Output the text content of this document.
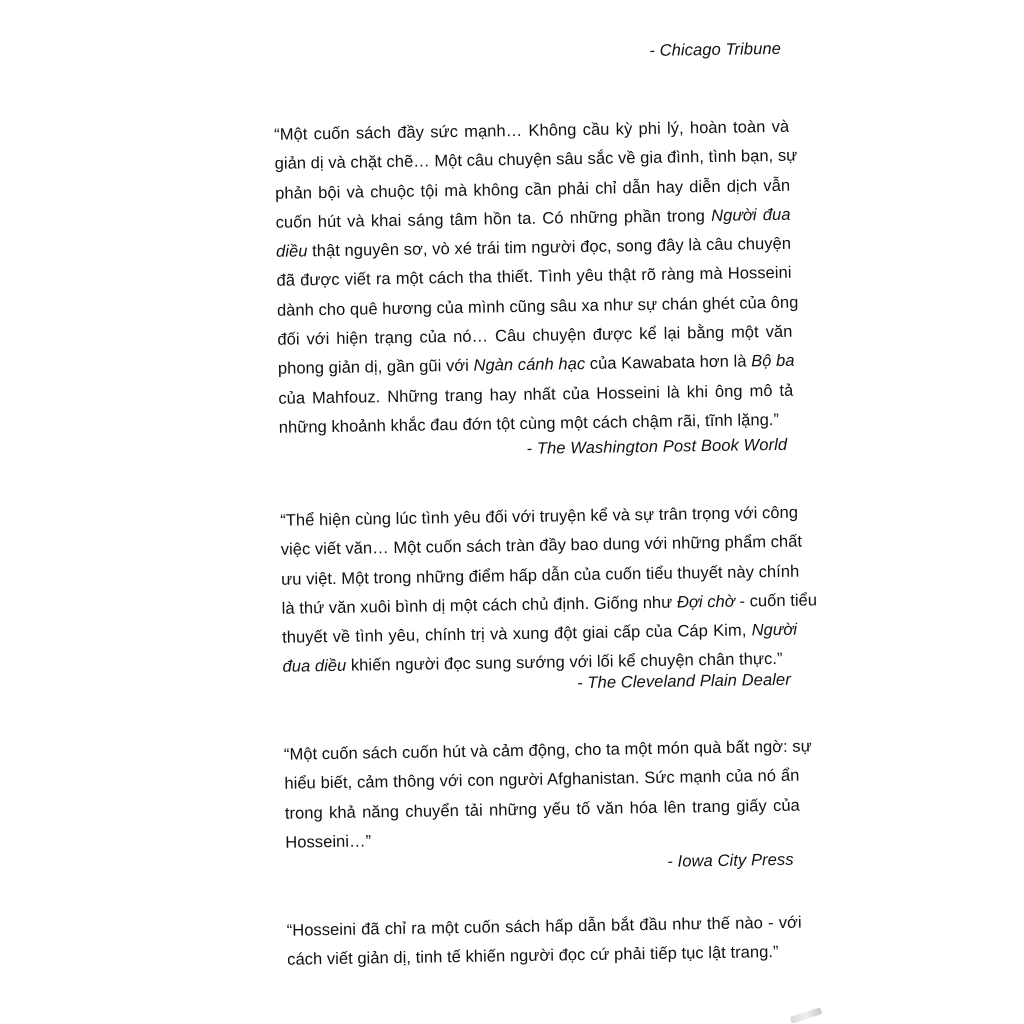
- Chicago Tribune
“Một cuốn sách đầy sức mạnh… Không cầu kỳ phi lý, hoàn toàn và
giản dị và chặt chẽ… Một câu chuyện sâu sắc về gia đình, tình bạn, sự
phản bội và chuộc tội mà không cần phải chỉ dẫn hay diễn dịch vẫn
cuốn hút và khai sáng tâm hồn ta. Có những phần trong Người đua
diều thật nguyên sơ, vò xé trái tim người đọc, song đây là câu chuyện
đã được viết ra một cách tha thiết. Tình yêu thật rõ ràng mà Hosseini
dành cho quê hương của mình cũng sâu xa như sự chán ghét của ông
đối với hiện trạng của nó… Câu chuyện được kể lại bằng một văn
phong giản dị, gần gũi với Ngàn cánh hạc của Kawabata hơn là Bộ ba
của Mahfouz. Những trang hay nhất của Hosseini là khi ông mô tả
những khoảnh khắc đau đớn tột cùng một cách chậm rãi, tĩnh lặng.”
- The Washington Post Book World
“Thể hiện cùng lúc tình yêu đối với truyện kể và sự trân trọng với công
việc viết văn… Một cuốn sách tràn đầy bao dung với những phẩm chất
ưu việt. Một trong những điểm hấp dẫn của cuốn tiểu thuyết này chính
là thứ văn xuôi bình dị một cách chủ định. Giống như Đợi chờ - cuốn tiểu
thuyết về tình yêu, chính trị và xung đột giai cấp của Cáp Kim, Người
đua diều khiến người đọc sung sướng với lối kể chuyện chân thực.”
- The Cleveland Plain Dealer
“Một cuốn sách cuốn hút và cảm động, cho ta một món quà bất ngờ: sự
hiểu biết, cảm thông với con người Afghanistan. Sức mạnh của nó ẩn
trong khả năng chuyển tải những yếu tố văn hóa lên trang giấy của
Hosseini…”
- Iowa City Press
“Hosseini đã chỉ ra một cuốn sách hấp dẫn bắt đầu như thế nào - với
cách viết giản dị, tinh tế khiến người đọc cứ phải tiếp tục lật trang.”
